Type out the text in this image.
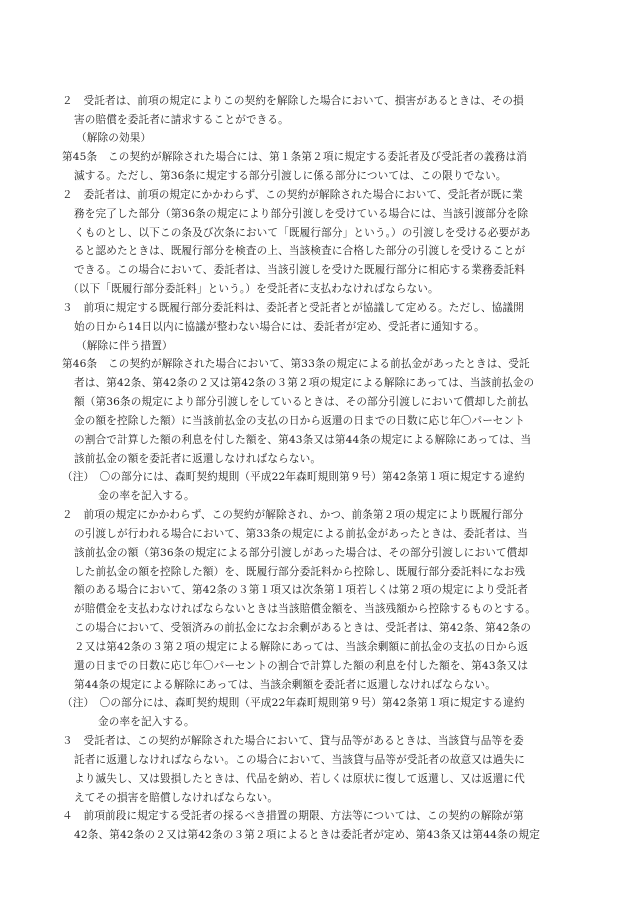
２　受託者は、前項の規定によりこの契約を解除した場合において、損害があるときは、その損
害の賠償を委託者に請求することができる。
（解除の効果）
第45条　この契約が解除された場合には、第１条第２項に規定する委託者及び受託者の義務は消
滅する。ただし、第36条に規定する部分引渡しに係る部分については、この限りでない。
２　委託者は、前項の規定にかかわらず、この契約が解除された場合において、受託者が既に業
務を完了した部分（第36条の規定により部分引渡しを受けている場合には、当該引渡部分を除
くものとし、以下この条及び次条において「既履行部分」という。）の引渡しを受ける必要があ
ると認めたときは、既履行部分を検査の上、当該検査に合格した部分の引渡しを受けることが
できる。この場合において、委託者は、当該引渡しを受けた既履行部分に相応する業務委託料
（以下「既履行部分委託料」という。）を受託者に支払わなければならない。
３　前項に規定する既履行部分委託料は、委託者と受託者とが協議して定める。ただし、協議開
始の日から14日以内に協議が整わない場合には、委託者が定め、受託者に通知する。
（解除に伴う措置）
第46条　この契約が解除された場合において、第33条の規定による前払金があったときは、受託
者は、第42条、第42条の２又は第42条の３第２項の規定による解除にあっては、当該前払金の
額（第36条の規定により部分引渡しをしているときは、その部分引渡しにおいて償却した前払
金の額を控除した額）に当該前払金の支払の日から返還の日までの日数に応じ年〇パーセント
の割合で計算した額の利息を付した額を、第43条又は第44条の規定による解除にあっては、当
該前払金の額を委託者に返還しなければならない。
（注）　〇の部分には、森町契約規則（平成22年森町規則第９号）第42条第１項に規定する違約
金の率を記入する。
２　前項の規定にかかわらず、この契約が解除され、かつ、前条第２項の規定により既履行部分
の引渡しが行われる場合において、第33条の規定による前払金があったときは、委託者は、当
該前払金の額（第36条の規定による部分引渡しがあった場合は、その部分引渡しにおいて償却
した前払金の額を控除した額）を、既履行部分委託料から控除し、既履行部分委託料になお残
額のある場合において、第42条の３第１項又は次条第１項若しくは第２項の規定により受託者
が賠償金を支払わなければならないときは当該賠償金額を、当該残額から控除するものとする。
この場合において、受領済みの前払金になお余剰があるときは、受託者は、第42条、第42条の
２又は第42条の３第２項の規定による解除にあっては、当該余剰額に前払金の支払の日から返
還の日までの日数に応じ年〇パーセントの割合で計算した額の利息を付した額を、第43条又は
第44条の規定による解除にあっては、当該余剰額を委託者に返還しなければならない。
（注）　〇の部分には、森町契約規則（平成22年森町規則第９号）第42条第１項に規定する違約
金の率を記入する。
３　受託者は、この契約が解除された場合において、貸与品等があるときは、当該貸与品等を委
託者に返還しなければならない。この場合において、当該貸与品等が受託者の故意又は過失に
より滅失し、又は毀損したときは、代品を納め、若しくは原状に復して返還し、又は返還に代
えてその損害を賠償しなければならない。
４　前項前段に規定する受託者の採るべき措置の期限、方法等については、この契約の解除が第
42条、第42条の２又は第42条の３第２項によるときは委託者が定め、第43条又は第44条の規定
